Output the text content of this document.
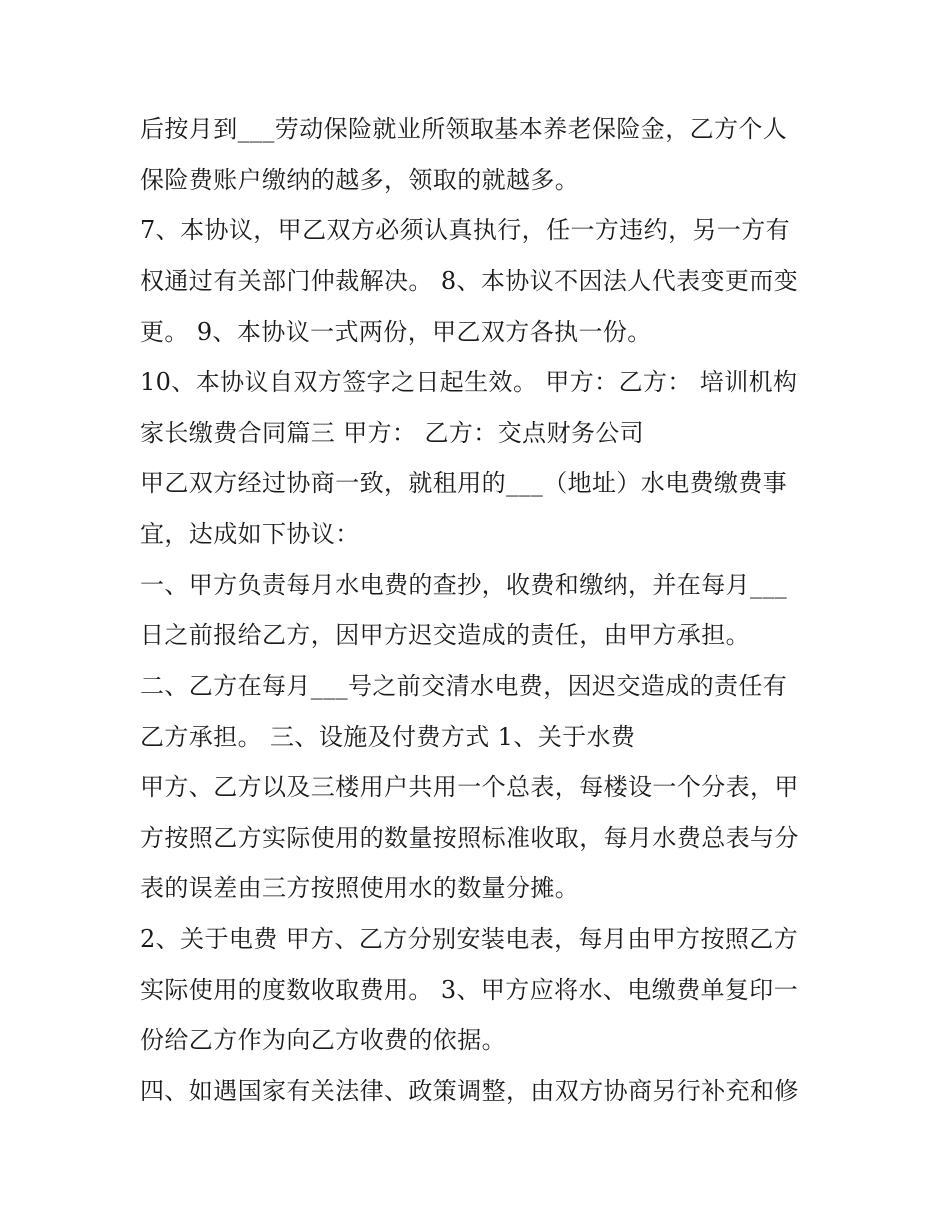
后按月到___劳动保险就业所领取基本养老保险金，乙方个人
保险费账户缴纳的越多，领取的就越多。
7、本协议，甲乙双方必须认真执行，任一方违约，另一方有
权通过有关部门仲裁解决。 8、本协议不因法人代表变更而变
更。 9、本协议一式两份，甲乙双方各执一份。
10、本协议自双方签字之日起生效。 甲方：乙方： 培训机构
家长缴费合同篇三 甲方： 乙方：交点财务公司
甲乙双方经过协商一致，就租用的___（地址）水电费缴费事
宜，达成如下协议：
一、甲方负责每月水电费的查抄，收费和缴纳，并在每月___
日之前报给乙方，因甲方迟交造成的责任，由甲方承担。
二、乙方在每月___号之前交清水电费，因迟交造成的责任有
乙方承担。 三、设施及付费方式 1、关于水费
甲方、乙方以及三楼用户共用一个总表，每楼设一个分表，甲
方按照乙方实际使用的数量按照标准收取，每月水费总表与分
表的误差由三方按照使用水的数量分摊。
2、关于电费 甲方、乙方分别安装电表，每月由甲方按照乙方
实际使用的度数收取费用。 3、甲方应将水、电缴费单复印一
份给乙方作为向乙方收费的依据。
四、如遇国家有关法律、政策调整，由双方协商另行补充和修
